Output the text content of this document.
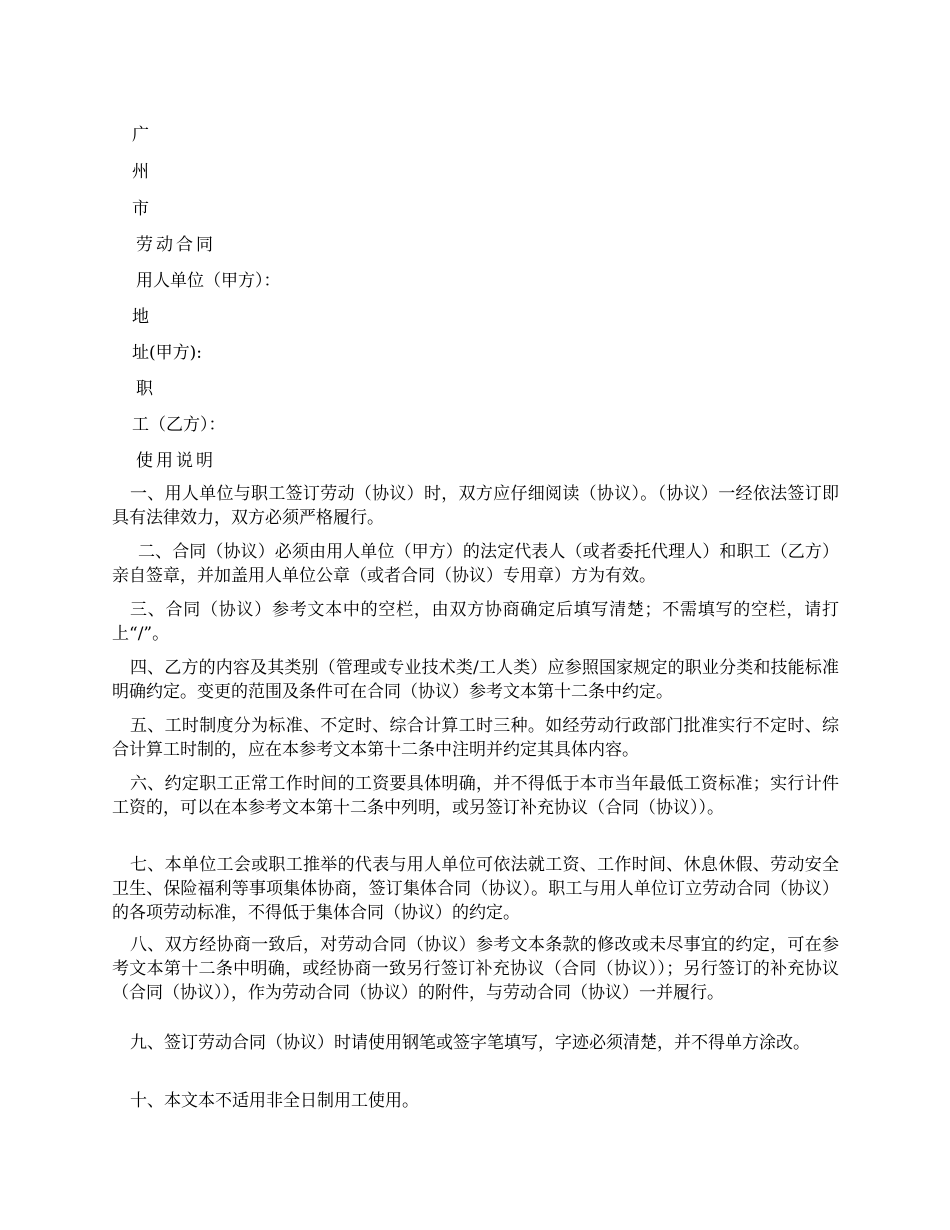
广
州
市
劳动合同
用人单位（甲方）：
地
址(甲方):
职
工（乙方）：
使用说明

一、用人单位与职工签订劳动（协议）时，双方应仔细阅读（协议）。（协议）一经依法签订即具有法律效力，双方必须严格履行。

二、合同（协议）必须由用人单位（甲方）的法定代表人（或者委托代理人）和职工（乙方）亲自签章，并加盖用人单位公章（或者合同（协议）专用章）方为有效。

三、合同（协议）参考文本中的空栏，由双方协商确定后填写清楚；不需填写的空栏，请打上“/”。

四、乙方的内容及其类别（管理或专业技术类/工人类）应参照国家规定的职业分类和技能标准明确约定。变更的范围及条件可在合同（协议）参考文本第十二条中约定。

五、工时制度分为标准、不定时、综合计算工时三种。如经劳动行政部门批准实行不定时、综合计算工时制的，应在本参考文本第十二条中注明并约定其具体内容。

六、约定职工正常工作时间的工资要具体明确，并不得低于本市当年最低工资标准；实行计件工资的，可以在本参考文本第十二条中列明，或另签订补充协议（合同（协议））。

七、本单位工会或职工推举的代表与用人单位可依法就工资、工作时间、休息休假、劳动安全卫生、保险福利等事项集体协商，签订集体合同（协议）。职工与用人单位订立劳动合同（协议）的各项劳动标准，不得低于集体合同（协议）的约定。

八、双方经协商一致后，对劳动合同（协议）参考文本条款的修改或未尽事宜的约定，可在参考文本第十二条中明确，或经协商一致另行签订补充协议（合同（协议））；另行签订的补充协议（合同（协议）），作为劳动合同（协议）的附件，与劳动合同（协议）一并履行。

九、签订劳动合同（协议）时请使用钢笔或签字笔填写，字迹必须清楚，并不得单方涂改。

十、本文本不适用非全日制用工使用。
